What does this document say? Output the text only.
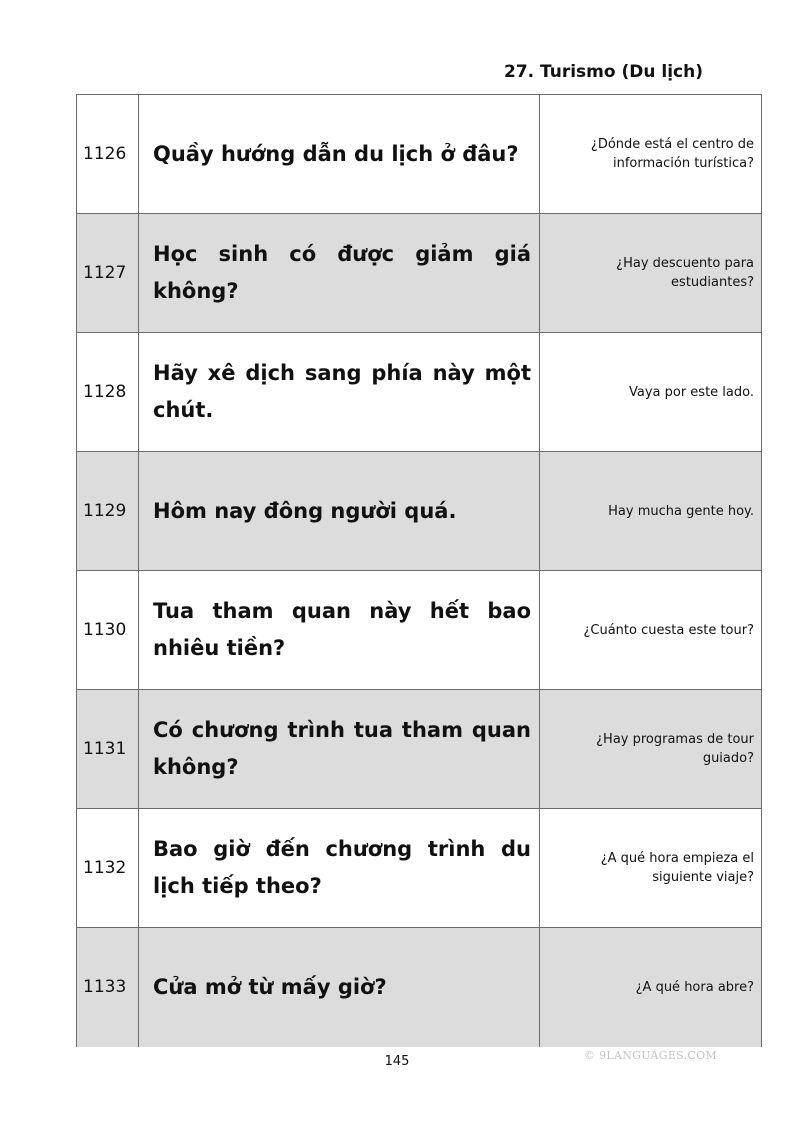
27. Turismo (Du lịch)
1126	Quầy hướng dẫn du lịch ở đâu?	¿Dónde está el centro de información turística?
1127	Học sinh có được giảm giá không?	¿Hay descuento para estudiantes?
1128	Hãy xê dịch sang phía này một chút.	Vaya por este lado.
1129	Hôm nay đông người quá.	Hay mucha gente hoy.
1130	Tua tham quan này hết bao nhiêu tiền?	¿Cuánto cuesta este tour?
1131	Có chương trình tua tham quan không?	¿Hay programas de tour guiado?
1132	Bao giờ đến chương trình du lịch tiếp theo?	¿A qué hora empieza el siguiente viaje?
1133	Cửa mở từ mấy giờ?	¿A qué hora abre?
145	© 9LANGUAGES.COM
